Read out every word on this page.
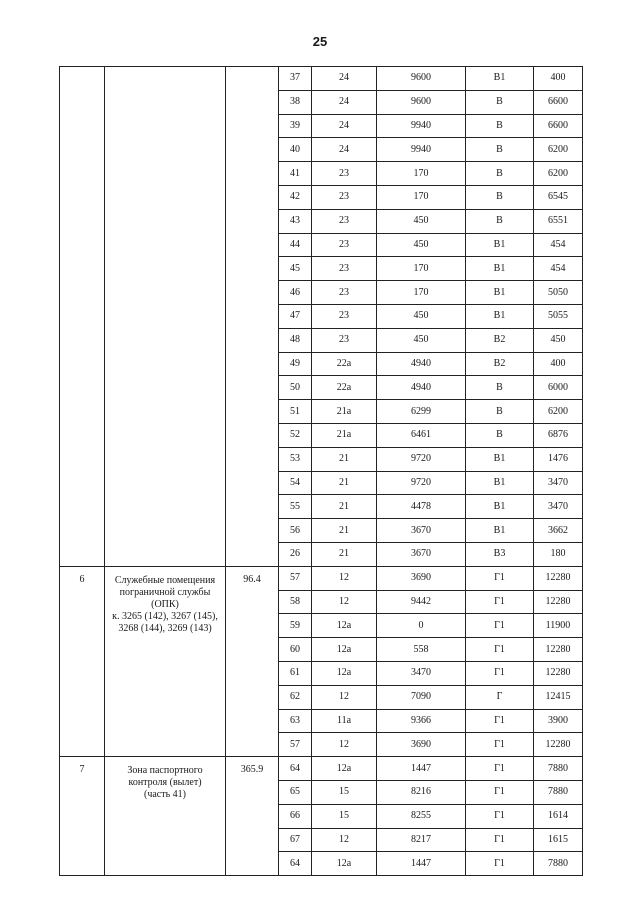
25
			37	24	9600	В1	400
			38	24	9600	В	6600
			39	24	9940	В	6600
			40	24	9940	В	6200
			41	23	170	В	6200
			42	23	170	В	6545
			43	23	450	В	6551
			44	23	450	В1	454
			45	23	170	В1	454
			46	23	170	В1	5050
			47	23	450	В1	5055
			48	23	450	В2	450
			49	22а	4940	В2	400
			50	22а	4940	В	6000
			51	21а	6299	В	6200
			52	21а	6461	В	6876
			53	21	9720	В1	1476
			54	21	9720	В1	3470
			55	21	4478	В1	3470
			56	21	3670	В1	3662
			26	21	3670	В3	180
6	Служебные помещения
пограничной службы
(ОПК)
к. 3265 (142), 3267 (145),
3268 (144), 3269 (143)	96.4	57	12	3690	Г1	12280
			58	12	9442	Г1	12280
			59	12а	0	Г1	11900
			60	12а	558	Г1	12280
			61	12а	3470	Г1	12280
			62	12	7090	Г	12415
			63	11а	9366	Г1	3900
			57	12	3690	Г1	12280
7	Зона паспортного
контроля (вылет)
(часть 41)	365.9	64	12а	1447	Г1	7880
			65	15	8216	Г1	7880
			66	15	8255	Г1	1614
			67	12	8217	Г1	1615
			64	12а	1447	Г1	7880
